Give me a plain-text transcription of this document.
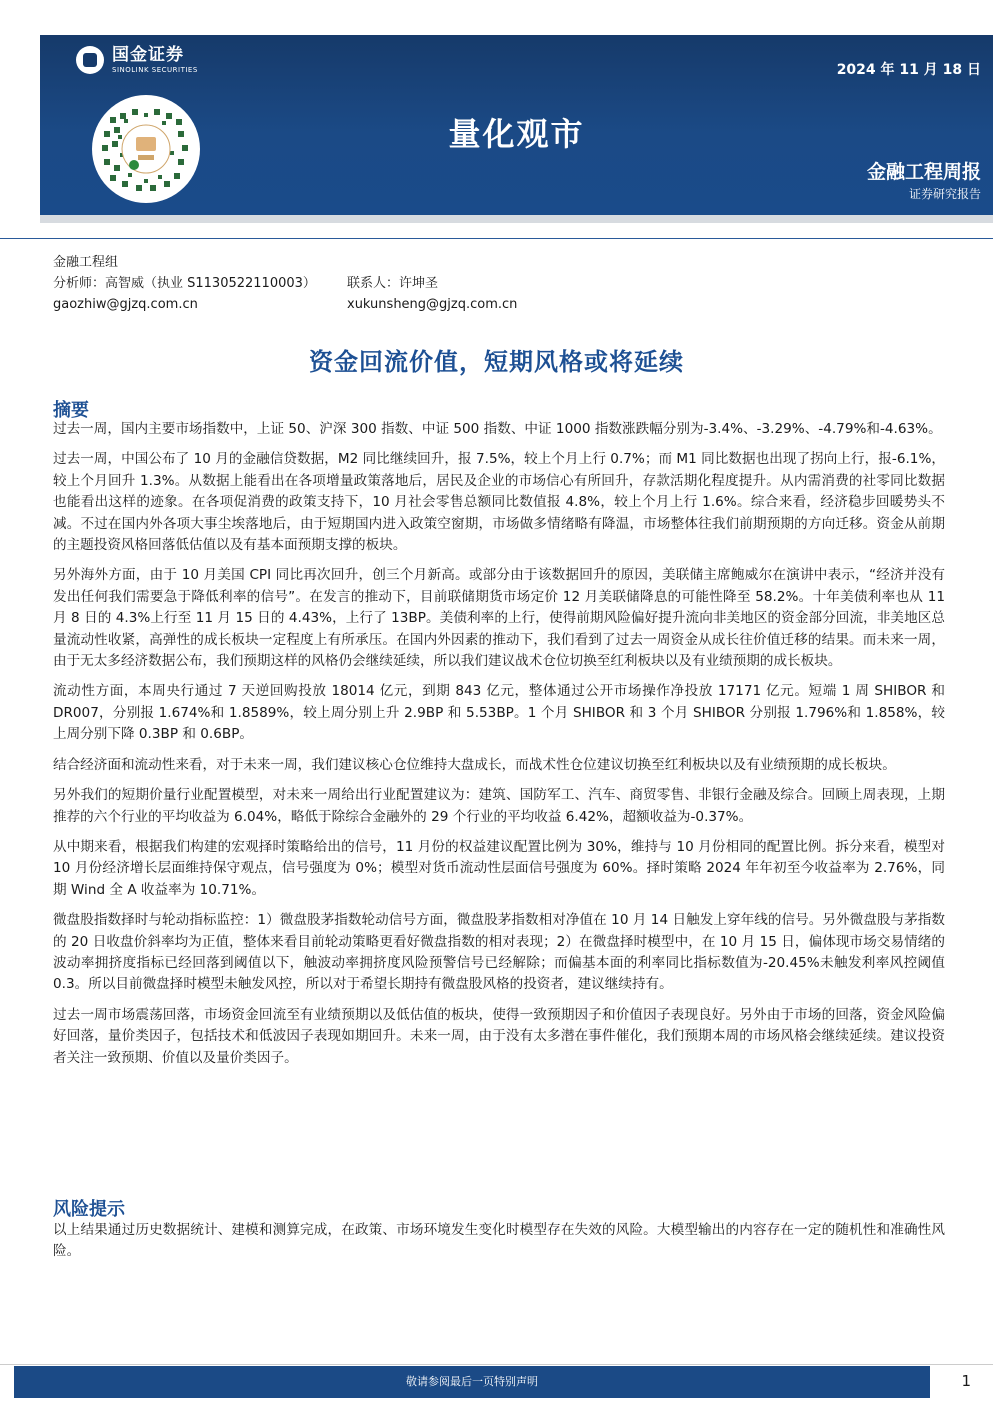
国金证券
SINOLINK SECURITIES	2024 年 11 月 18 日
量化观市
金融工程周报
证券研究报告
金融工程组
分析师：高智威（执业 S1130522110003）	联系人：许坤圣
gaozhiw@gjzq.com.cn	xukunsheng@gjzq.com.cn
资金回流价值，短期风格或将延续
摘要

过去一周，国内主要市场指数中，上证 50、沪深 300 指数、中证 500 指数、中证 1000 指数涨跌幅分别为-3.4%、-3.29%、-4.79%和-4.63%。

过去一周，中国公布了 10 月的金融信贷数据，M2 同比继续回升，报 7.5%，较上个月上行 0.7%；而 M1 同比数据也出现了拐向上行，报-6.1%，较上个月回升 1.3%。从数据上能看出在各项增量政策落地后，居民及企业的市场信心有所回升，存款活期化程度提升。从内需消费的社零同比数据也能看出这样的迹象。在各项促消费的政策支持下，10 月社会零售总额同比数值报 4.8%，较上个月上行 1.6%。综合来看，经济稳步回暖势头不减。不过在国内外各项大事尘埃落地后，由于短期国内进入政策空窗期，市场做多情绪略有降温，市场整体往我们前期预期的方向迁移。资金从前期的主题投资风格回落低估值以及有基本面预期支撑的板块。

另外海外方面，由于 10 月美国 CPI 同比再次回升，创三个月新高。或部分由于该数据回升的原因，美联储主席鲍威尔在演讲中表示，“经济并没有发出任何我们需要急于降低利率的信号”。在发言的推动下，目前联储期货市场定价 12 月美联储降息的可能性降至 58.2%。十年美债利率也从 11 月 8 日的 4.3%上行至 11 月 15 日的 4.43%，上行了 13BP。美债利率的上行，使得前期风险偏好提升流向非美地区的资金部分回流，非美地区总量流动性收紧，高弹性的成长板块一定程度上有所承压。在国内外因素的推动下，我们看到了过去一周资金从成长往价值迁移的结果。而未来一周，由于无太多经济数据公布，我们预期这样的风格仍会继续延续，所以我们建议战术仓位切换至红利板块以及有业绩预期的成长板块。

流动性方面，本周央行通过 7 天逆回购投放 18014 亿元，到期 843 亿元，整体通过公开市场操作净投放 17171 亿元。短端 1 周 SHIBOR 和 DR007，分别报 1.674%和 1.8589%，较上周分别上升 2.9BP 和 5.53BP。1 个月 SHIBOR 和 3 个月 SHIBOR 分别报 1.796%和 1.858%，较上周分别下降 0.3BP 和 0.6BP。

结合经济面和流动性来看，对于未来一周，我们建议核心仓位维持大盘成长，而战术性仓位建议切换至红利板块以及有业绩预期的成长板块。

另外我们的短期价量行业配置模型，对未来一周给出行业配置建议为：建筑、国防军工、汽车、商贸零售、非银行金融及综合。回顾上周表现，上期推荐的六个行业的平均收益为 6.04%，略低于除综合金融外的 29 个行业的平均收益 6.42%，超额收益为-0.37%。

从中期来看，根据我们构建的宏观择时策略给出的信号，11 月份的权益建议配置比例为 30%，维持与 10 月份相同的配置比例。拆分来看，模型对 10 月份经济增长层面维持保守观点，信号强度为 0%；模型对货币流动性层面信号强度为 60%。择时策略 2024 年年初至今收益率为 2.76%，同期 Wind 全 A 收益率为 10.71%。

微盘股指数择时与轮动指标监控：1）微盘股茅指数轮动信号方面，微盘股茅指数相对净值在 10 月 14 日触发上穿年线的信号。另外微盘股与茅指数的 20 日收盘价斜率均为正值，整体来看目前轮动策略更看好微盘指数的相对表现；2）在微盘择时模型中，在 10 月 15 日，偏体现市场交易情绪的波动率拥挤度指标已经回落到阈值以下，触波动率拥挤度风险预警信号已经解除；而偏基本面的利率同比指标数值为-20.45%未触发利率风控阈值 0.3。所以目前微盘择时模型未触发风控，所以对于希望长期持有微盘股风格的投资者，建议继续持有。

过去一周市场震荡回落，市场资金回流至有业绩预期以及低估值的板块，使得一致预期因子和价值因子表现良好。另外由于市场的回落，资金风险偏好回落，量价类因子，包括技术和低波因子表现如期回升。未来一周，由于没有太多潜在事件催化，我们预期本周的市场风格会继续延续。建议投资者关注一致预期、价值以及量价类因子。

风险提示

以上结果通过历史数据统计、建模和测算完成，在政策、市场环境发生变化时模型存在失效的风险。大模型输出的内容存在一定的随机性和准确性风险。

敬请参阅最后一页特别声明	1
